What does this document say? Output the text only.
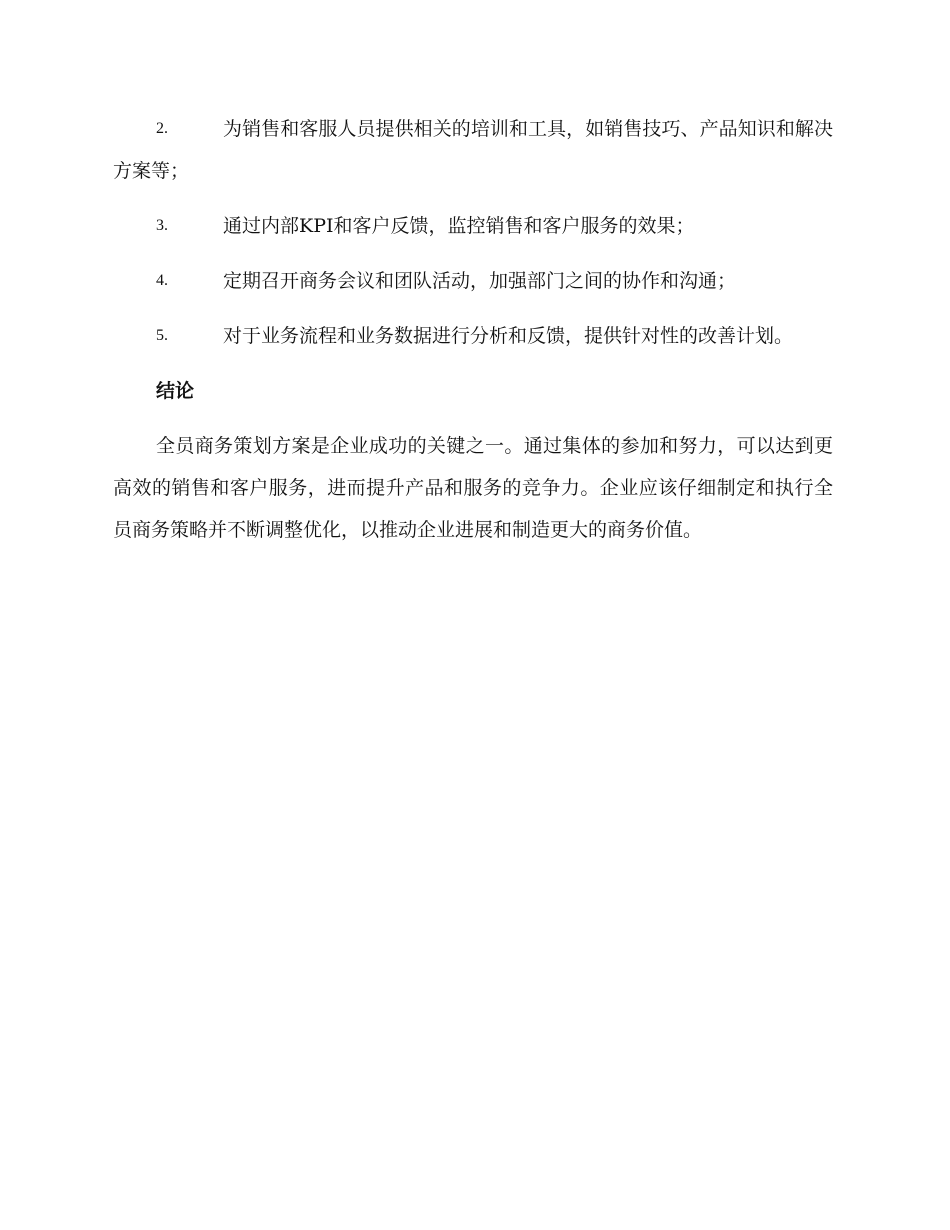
2.	为销售和客服人员提供相关的培训和工具，如销售技巧、产品知识和解决方案等；
3.	通过内部KPI和客户反馈，监控销售和客户服务的效果；
4.	定期召开商务会议和团队活动，加强部门之间的协作和沟通；
5.	对于业务流程和业务数据进行分析和反馈，提供针对性的改善计划。
结论

全员商务策划方案是企业成功的关键之一。通过集体的参加和努力，可以达到更高效的销售和客户服务，进而提升产品和服务的竞争力。企业应该仔细制定和执行全员商务策略并不断调整优化，以推动企业进展和制造更大的商务价值。
